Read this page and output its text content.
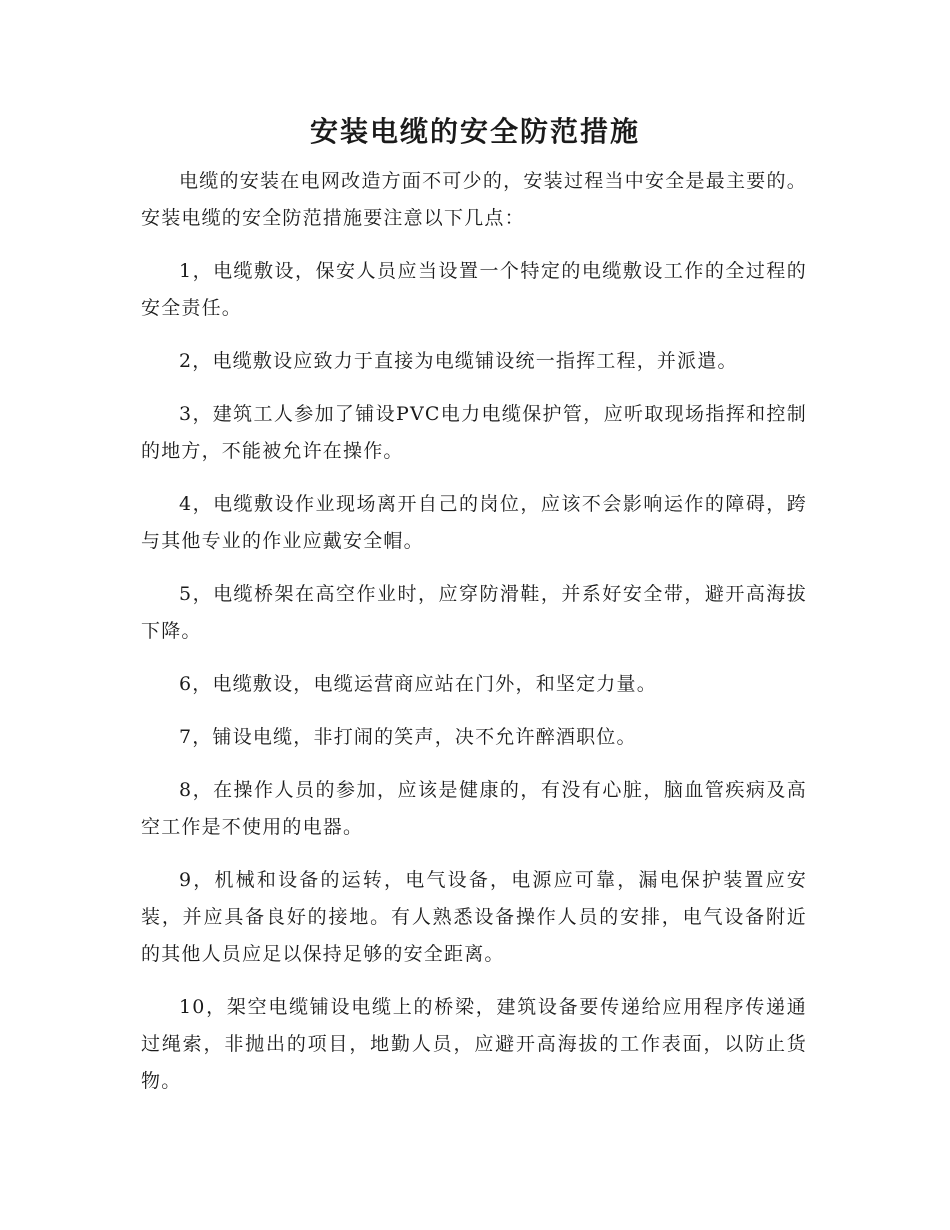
安装电缆的安全防范措施

电缆的安装在电网改造方面不可少的，安装过程当中安全是最主要的。安装电缆的安全防范措施要注意以下几点：

1，电缆敷设，保安人员应当设置一个特定的电缆敷设工作的全过程的安全责任。

2，电缆敷设应致力于直接为电缆铺设统一指挥工程，并派遣。

3，建筑工人参加了铺设PVC电力电缆保护管，应听取现场指挥和控制的地方，不能被允许在操作。

4，电缆敷设作业现场离开自己的岗位，应该不会影响运作的障碍，跨与其他专业的作业应戴安全帽。

5，电缆桥架在高空作业时，应穿防滑鞋，并系好安全带，避开高海拔下降。

6，电缆敷设，电缆运营商应站在门外，和坚定力量。

7，铺设电缆，非打闹的笑声，决不允许醉酒职位。

8，在操作人员的参加，应该是健康的，有没有心脏，脑血管疾病及高空工作是不使用的电器。

9，机械和设备的运转，电气设备，电源应可靠，漏电保护装置应安装，并应具备良好的接地。有人熟悉设备操作人员的安排，电气设备附近的其他人员应足以保持足够的安全距离。

10，架空电缆铺设电缆上的桥梁，建筑设备要传递给应用程序传递通过绳索，非抛出的项目，地勤人员，应避开高海拔的工作表面，以防止货物。
